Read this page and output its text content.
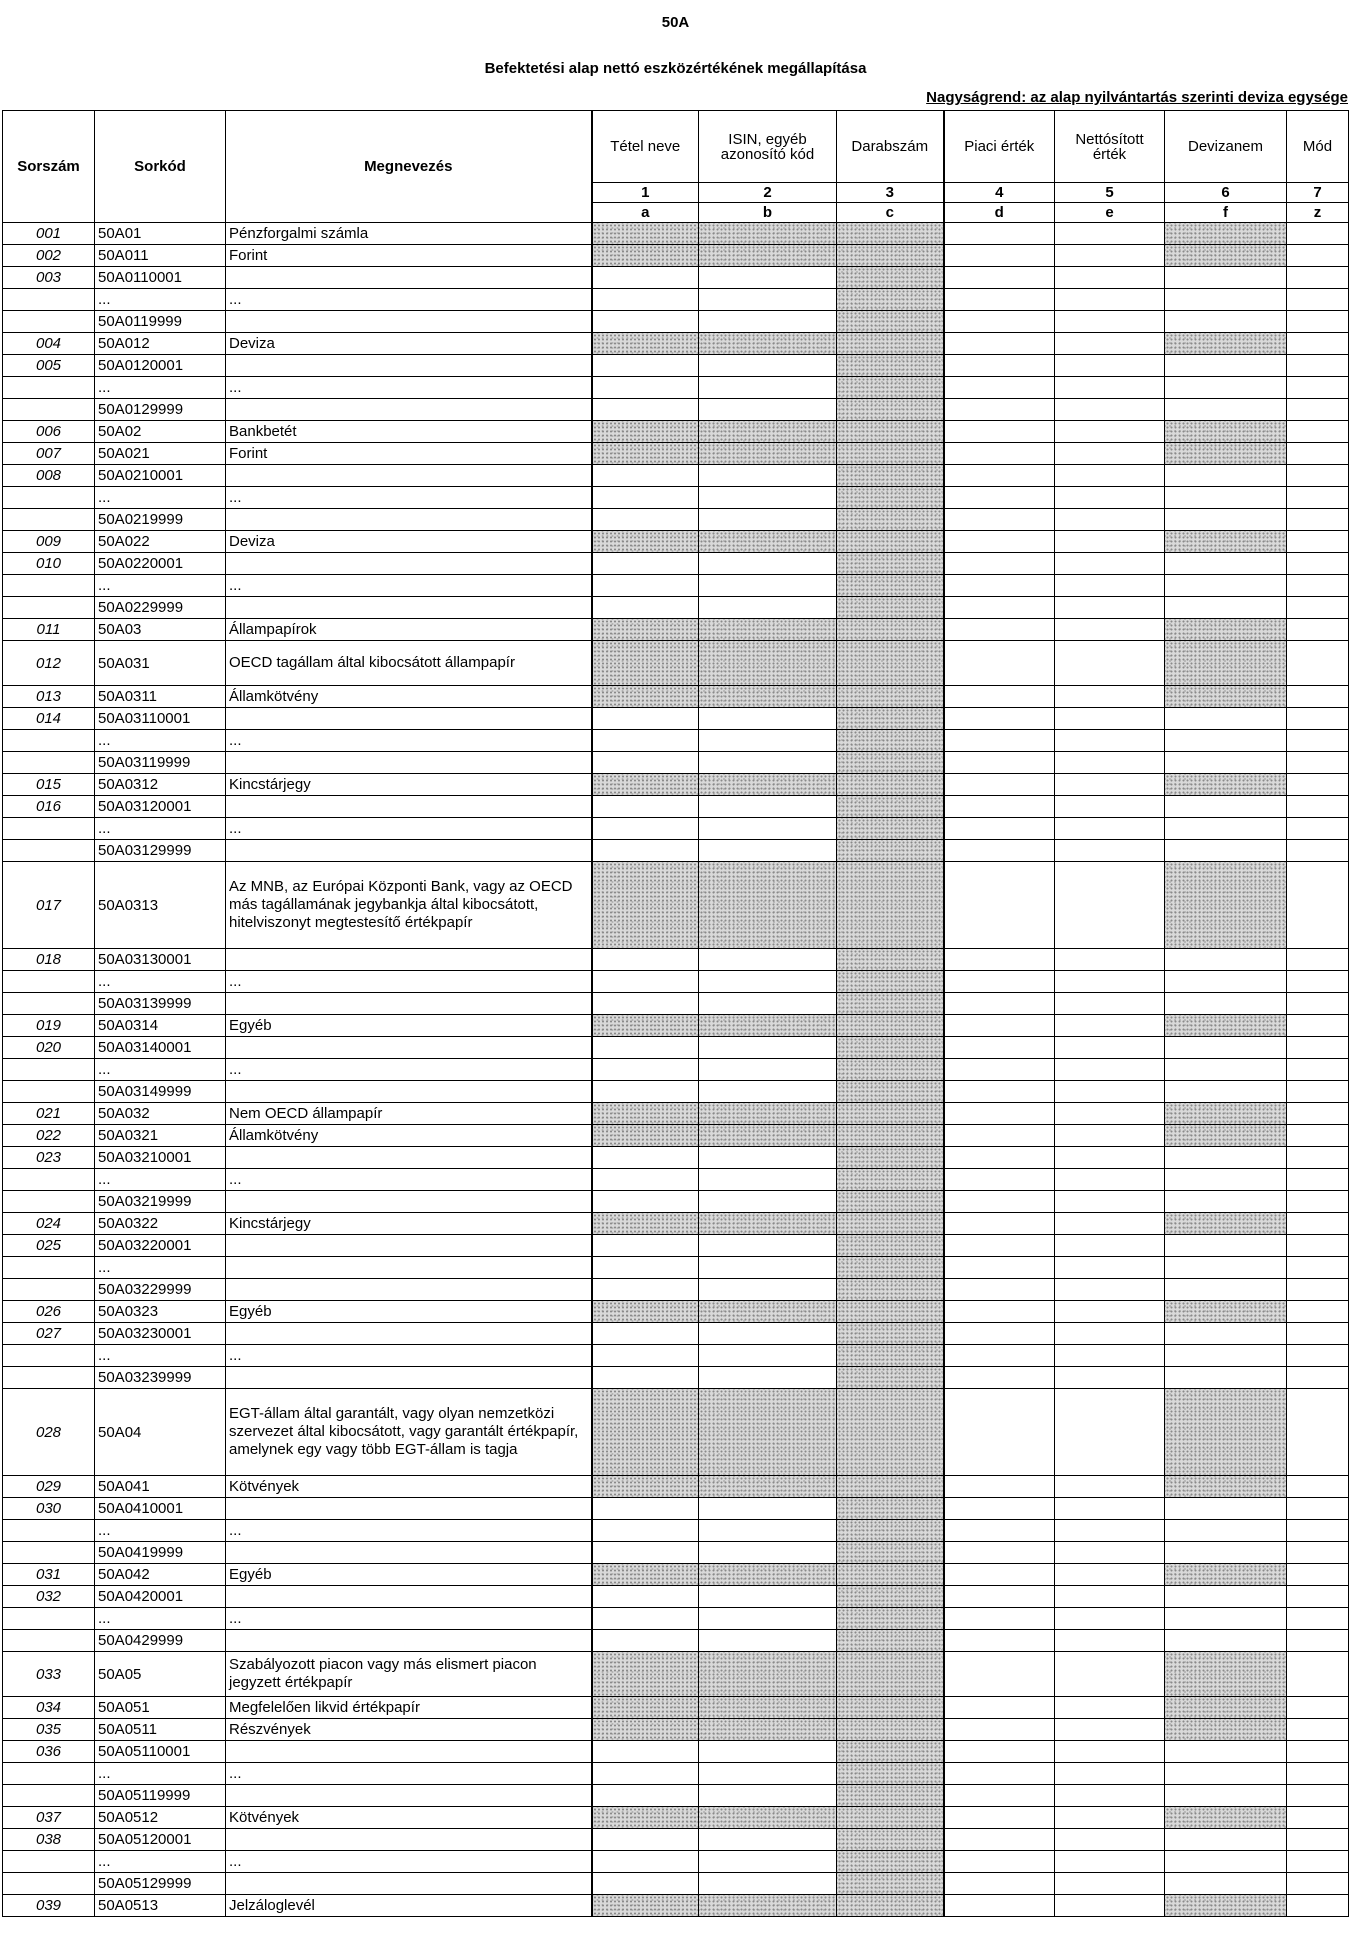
50A
Befektetési alap nettó eszközértékének megállapítása
Nagyságrend: az alap nyilvántartás szerinti deviza egysége
Sorszám	Sorkód	Megnevezés	Tétel neve	ISIN, egyéb azonosító kód	Darabszám	Piaci érték	Nettósított érték	Devizanem	Mód
			1	2	3	4	5	6	7
			a	b	c	d	e	f	z
001	50A01	Pénzforgalmi számla							
002	50A011	Forint							
003	50A0110001								
	...	...							
	50A0119999								
004	50A012	Deviza							
005	50A0120001								
	...	...							
	50A0129999								
006	50A02	Bankbetét							
007	50A021	Forint							
008	50A0210001								
	...	...							
	50A0219999								
009	50A022	Deviza							
010	50A0220001								
	...	...							
	50A0229999								
011	50A03	Állampapírok							
012	50A031	OECD tagállam által kibocsátott állampapír							
013	50A0311	Államkötvény							
014	50A03110001								
	...	...							
	50A03119999								
015	50A0312	Kincstárjegy							
016	50A03120001								
	...	...							
	50A03129999								
017	50A0313	Az MNB, az Európai Központi Bank, vagy az OECD más tagállamának jegybankja által kibocsátott, hitelviszonyt megtestesítő értékpapír							
018	50A03130001								
	...	...							
	50A03139999								
019	50A0314	Egyéb							
020	50A03140001								
	...	...							
	50A03149999								
021	50A032	Nem OECD állampapír							
022	50A0321	Államkötvény							
023	50A03210001								
	...	...							
	50A03219999								
024	50A0322	Kincstárjegy							
025	50A03220001								
	...								
	50A03229999								
026	50A0323	Egyéb							
027	50A03230001								
	...	...							
	50A03239999								
028	50A04	EGT-állam által garantált, vagy olyan nemzetközi szervezet által kibocsátott, vagy garantált értékpapír, amelynek egy vagy több EGT-állam is tagja							
029	50A041	Kötvények							
030	50A0410001								
	...	...							
	50A0419999								
031	50A042	Egyéb							
032	50A0420001								
	...	...							
	50A0429999								
033	50A05	Szabályozott piacon vagy más elismert piacon jegyzett értékpapír							
034	50A051	Megfelelően likvid értékpapír							
035	50A0511	Részvények							
036	50A05110001								
	...	...							
	50A05119999								
037	50A0512	Kötvények							
038	50A05120001								
	...	...							
	50A05129999								
039	50A0513	Jelzáloglevél							
